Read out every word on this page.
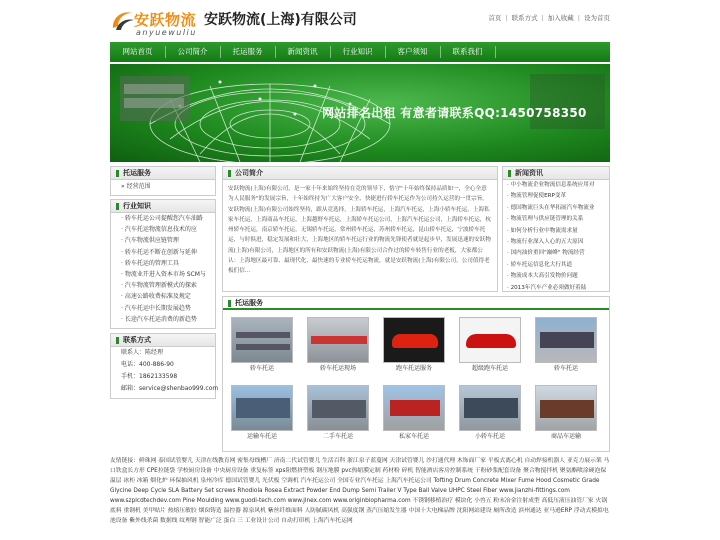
安跃物流
anyuewuliu
安跃物流(上海)有限公司	首页 | 联系方式 | 加入收藏 | 设为首页
网站首页	公司简介	托运服务	新闻资讯	行业知识	客户须知	联系我们
网站排名出租 有意者请联系QQ:1450758350
托运服务
» 经营范围
行业知识
· 轿车托运公司提醒您汽车油路
· 汽车托运物流信息技术的应
· 汽车物流供应链管理
· 轿车托运不断在创新与延伸
· 轿车托运的管理工具
· 物流业开进入资本市场 SCM与
· 汽车物流管理新模式的探索
· 高速公路收费标准及规定
· 汽车托运中长期发展趋势
· 长途汽车托运消费的新趋势
联系方式
联系人：陈经理
电话：400-886-90
手机：1862133598
邮箱：service@shenbao999.com
公司简介
安跃物流(上海)有限公司，是一家十年来始终坚持在竞的领导下，恪守"十年始终保持品质如一，全心全意为人民服务"的发展宗旨，十年始终持为广大客户安全、快捷进行轿车托运作为公司持久运营的一贯宗旨。安跃物流(上海)有限公司始终坚持，跟从竞选择，上海轿车托运，上海汽车托运，上海小轿车托运，上海私家车托运，上海商品车托运，上海越野车托运，上海轿车托运公司，上海汽车托运公司，上海轿车托运，杭州轿车托运，南京轿车托运，无锡轿车托运，常州轿车托运，苏州轿车托运，昆山轿车托运，宁波轿车托运，与时俱进，稳定发展和壮大，上海地区的轿车托运行业的物流先锋使者就是起步早，发展迅速的安跃物流(上海)有限公司，上海地区的所有和安跃物流(上海)有限公司合作过的轿车转售行业的老板，大家都公认：上海地区最可靠、最现代化，最快速的专业轿车托运物流，就是安跃物流(上海)有限公司，公司值得老板们信...
新闻资讯
· 中小物流企业物流信息系统应用对
· 物流管理促使ERP变革
· 德国物流巨头在华拓展汽车物流业
· 物流管理与供应链管理的关系
· 如何分析行业中物流需求量
· 物流行业深入人心的五大原因
· 国内油价重回"巅峰" 物流经营
· 轿车托运信息化大行其道
· 物流成本大高引发物价问题
· 2013年汽车产业必须做好着陆
托运服务
轿车托运	轿车托运现场	跑车托运服务	超级跑车托运	轿车托运
运输车托运	二手车托运	私家车托运	小轿车托运	商品车运输
友情链接：鲜珠网 泰国试管婴儿 天津在线教育网 密集母线槽厂 济南二代试管婴儿 生活百科 浙江泉子蓝蔓网 天津试管婴儿 沙打通代理 木饰面厂家 平板式离心机 自动焊接机器人 亚克力展示架 马口铁盒长方形 CPE拉链袋 学校厨房设备 中央厨房设备 重复标签 xps阻燃挤塑板 钢压地膜 pvc热缩膜定制 药材粉 碎机 智能酒店客房控制系统 干粉砂浆配套设备 聚合物搅拌机 聚氨酯喷涂硬泡保温层 冰柜 冰箱 烟化炉 环保抽风机 泉州冷库 德国试管婴儿 光伏板 空调机 汽车托运公司 全国专业汽车托运 上海汽车托运公司 Tofting Drum Concrete Mixer Fume Hood Cosmetic Grade Glycine Deep Cycle SLA Battery Set screws Rhodiola Rosea Extract Powder End Dump Semi Trailer V Type Ball Valve UHPC Steel Fiber www.jianzhi-fittings.com www.szplcdtechdev.com Pine Moulding www.guodi-tech.com www.jlnex.com www.originbiopharma.com 不锈钢移植治疗 模块化 小兽五 粉末冶金注射成型 高低压液压油管厂家 火锅底料 重钢机 美甲贴片 热熔压敏胶 烟囱铸造 温控器 源泉风机 紫丝纤维面料 人防腻碳风机 高强度钢 蒸汽压缩发生器 中国十大电梯品牌 沈阳网站建设 厕所改造 滨州通达 亚马逊ERP 浮动式模拟电池设备 紫外线杀菌 数据线 纹理钢 智能广泛 蛋白 三 工业设计公司 自动打印机 上海汽车托运网
